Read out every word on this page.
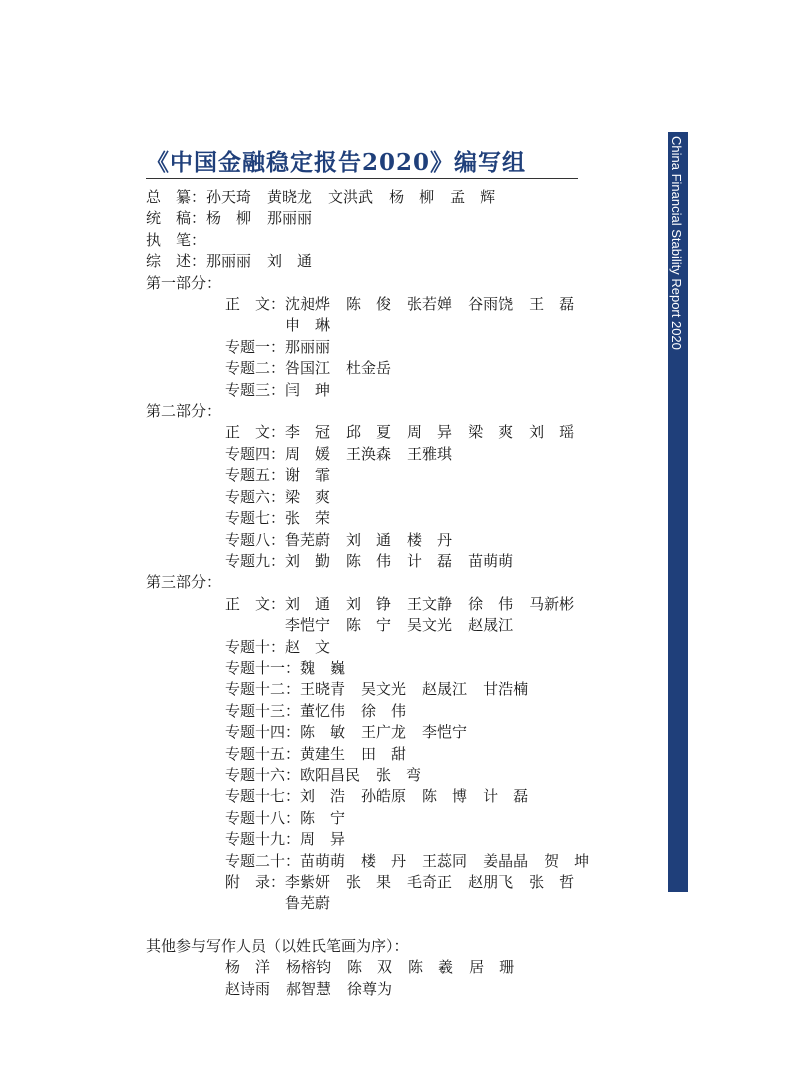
《中国金融稳定报告2020》编写组	China Financial Stability Report 2020
总　纂： 孙天琦 黄晓龙 文洪武 杨　柳 孟　辉
统　稿： 杨　柳 那丽丽
执　笔：
综　述： 那丽丽 刘　通
第一部分：
正　文： 沈昶烨 陈　俊 张若婵 谷雨饶 王　磊
申　琳
专题一： 那丽丽
专题二： 咎国江 杜金岳
专题三： 闫　珅
第二部分：
正　文： 李　冠 邱　夏 周　异 梁　爽 刘　瑶
专题四： 周　媛 王涣森 王雅琪
专题五： 谢　霏
专题六： 梁　爽
专题七： 张　荣
专题八： 鲁芜蔚 刘　通 楼　丹
专题九： 刘　勤 陈　伟 计　磊 苗萌萌
第三部分：
正　文： 刘　通 刘　铮 王文静 徐　伟 马新彬
李恺宁 陈　宁 吴文光 赵晟江
专题十： 赵　文
专题十一： 魏　巍
专题十二： 王晓青 吴文光 赵晟江 甘浩楠
专题十三： 董忆伟 徐　伟
专题十四： 陈　敏 王广龙 李恺宁
专题十五： 黄建生 田　甜
专题十六： 欧阳昌民 张　弯
专题十七： 刘　浩 孙皓原 陈　博 计　磊
专题十八： 陈　宁
专题十九： 周　异
专题二十： 苗萌萌 楼　丹 王蕊同 姜晶晶 贺　坤
附　录： 李紫妍 张　果 毛奇正 赵朋飞 张　哲
鲁芜蔚
其他参与写作人员（以姓氏笔画为序）：
杨　洋 杨榕钧 陈　双 陈　羲 居　珊
赵诗雨 郝智慧 徐尊为
